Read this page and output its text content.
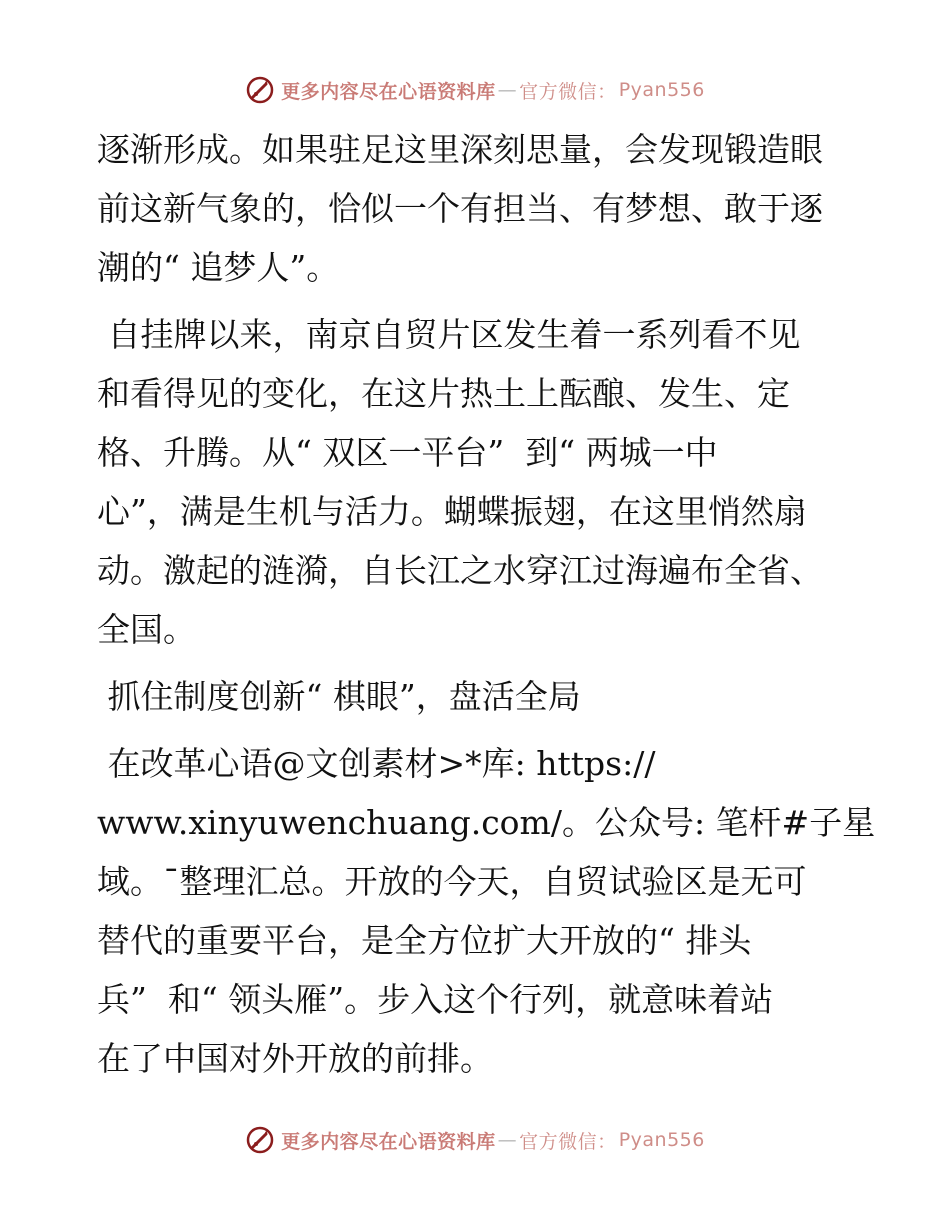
更多内容尽在心语资料库 — 官方微信： Pyan556

逐渐形成。如果驻足这里深刻思量，会发现锻造眼
前这新气象的，恰似一个有担当、有梦想、敢于逐
潮的“ 追梦人”。

自挂牌以来，南京自贸片区发生着一系列看不见
和看得见的变化，在这片热土上酝酿、发生、定
格、升腾。从“ 双区一平台”  到“ 两城一中
心”，满是生机与活力。蝴蝶振翅，在这里悄然扇
动。激起的涟漪，自长江之水穿江过海遍布全省、
全国。

抓住制度创新“ 棋眼”，盘活全局

在改革心语@文创素材>*库: https://
www.xinyuwenchuang.com/。公众号: 笔杆#子星
域。¯整理汇总。开放的今天，自贸试验区是无可
替代的重要平台，是全方位扩大开放的“ 排头
兵”  和“ 领头雁”。步入这个行列，就意味着站
在了中国对外开放的前排。

更多内容尽在心语资料库 — 官方微信： Pyan556
